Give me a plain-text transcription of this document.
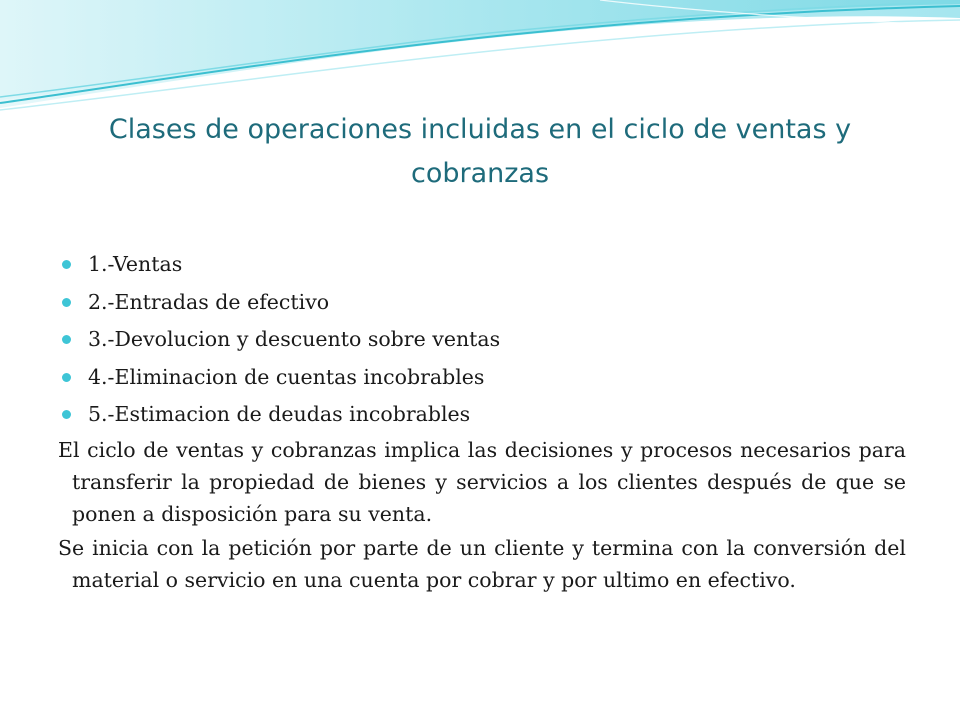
Clases de operaciones incluidas en el ciclo de ventas y cobranzas
1.-Ventas
2.-Entradas de efectivo
3.-Devolucion y descuento sobre ventas
4.-Eliminacion de cuentas incobrables
5.-Estimacion de deudas incobrables

El ciclo de ventas y cobranzas implica las decisiones y procesos necesarios para transferir la propiedad de bienes y servicios a los clientes después de que se ponen a disposición para su venta.

Se inicia con la petición por parte de un cliente y termina con la conversión del material o servicio en una cuenta por cobrar y por ultimo en efectivo.
